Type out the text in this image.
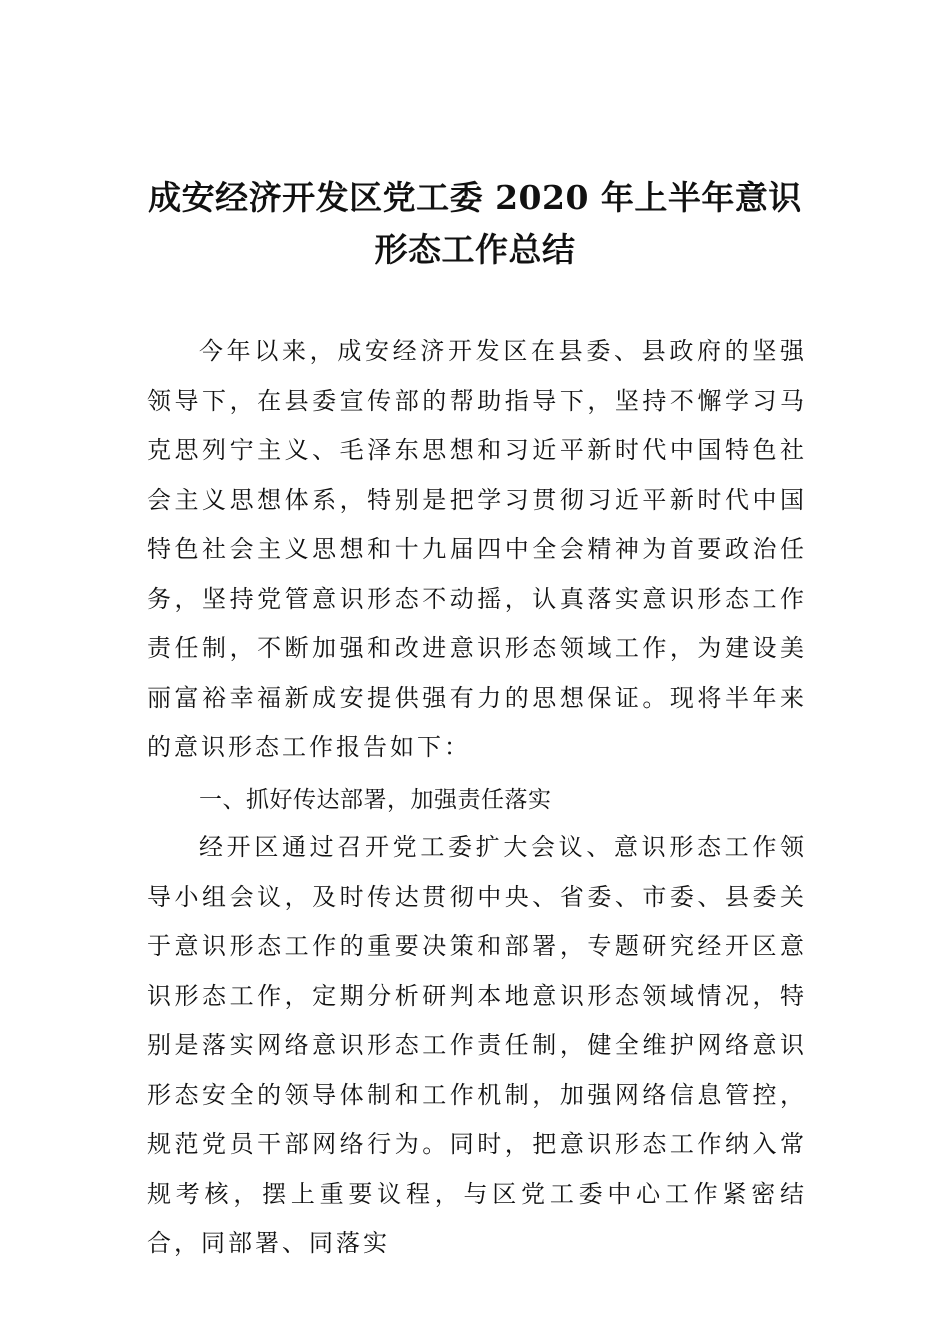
成安经济开发区党工委 2020 年上半年意识
形态工作总结

今年以来，成安经济开发区在县委、县政府的坚强领导下，在县委宣传部的帮助指导下，坚持不懈学习马克思列宁主义、毛泽东思想和习近平新时代中国特色社会主义思想体系，特别是把学习贯彻习近平新时代中国特色社会主义思想和十九届四中全会精神为首要政治任务，坚持党管意识形态不动摇，认真落实意识形态工作责任制，不断加强和改进意识形态领域工作，为建设美丽富裕幸福新成安提供强有力的思想保证。现将半年来的意识形态工作报告如下：

一、抓好传达部署，加强责任落实

经开区通过召开党工委扩大会议、意识形态工作领导小组会议，及时传达贯彻中央、省委、市委、县委关于意识形态工作的重要决策和部署，专题研究经开区意识形态工作，定期分析研判本地意识形态领域情况，特别是落实网络意识形态工作责任制，健全维护网络意识形态安全的领导体制和工作机制，加强网络信息管控，规范党员干部网络行为。同时，把意识形态工作纳入常规考核，摆上重要议程，与区党工委中心工作紧密结合，同部署、同落实
